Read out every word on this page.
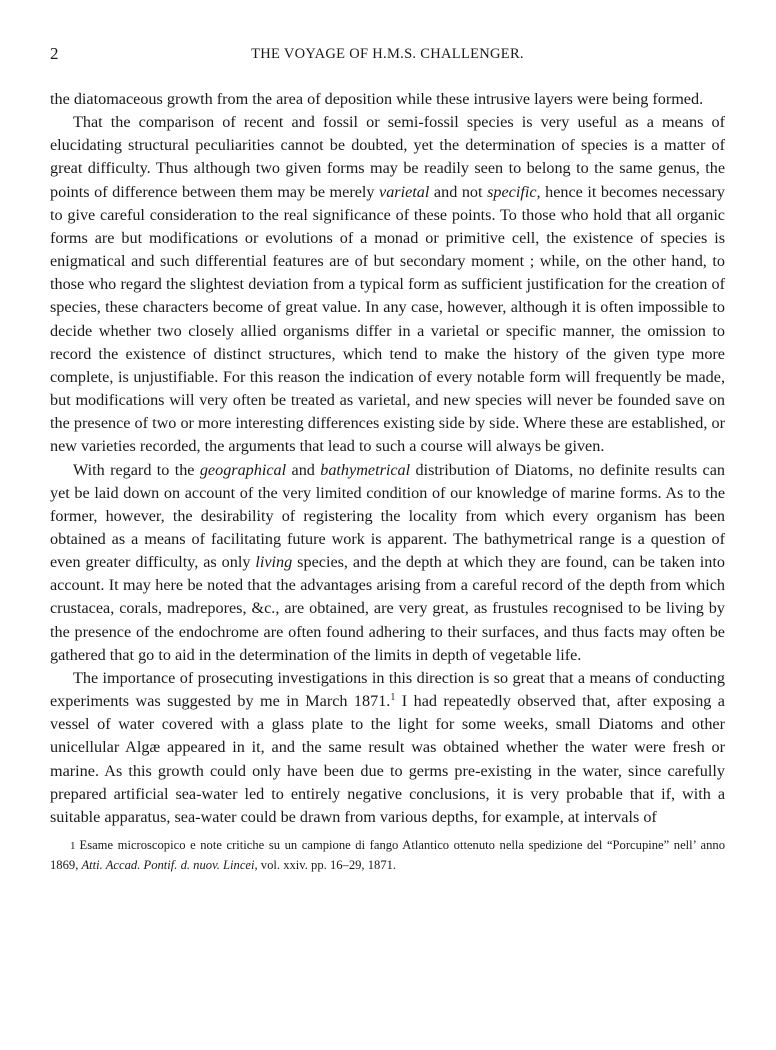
2	THE VOYAGE OF H.M.S. CHALLENGER.

the diatomaceous growth from the area of deposition while these intrusive layers were being formed.

That the comparison of recent and fossil or semi-fossil species is very useful as a means of elucidating structural peculiarities cannot be doubted, yet the determination of species is a matter of great difficulty. Thus although two given forms may be readily seen to belong to the same genus, the points of difference between them may be merely varietal and not specific, hence it becomes necessary to give careful consideration to the real significance of these points. To those who hold that all organic forms are but modifications or evolutions of a monad or primitive cell, the existence of species is enigmatical and such differential features are of but secondary moment ; while, on the other hand, to those who regard the slightest deviation from a typical form as sufficient justification for the creation of species, these characters become of great value. In any case, however, although it is often impossible to decide whether two closely allied organisms differ in a varietal or specific manner, the omission to record the existence of distinct structures, which tend to make the history of the given type more complete, is unjustifiable. For this reason the indication of every notable form will frequently be made, but modifications will very often be treated as varietal, and new species will never be founded save on the presence of two or more interesting differences existing side by side. Where these are established, or new varieties recorded, the arguments that lead to such a course will always be given.

With regard to the geographical and bathymetrical distribution of Diatoms, no definite results can yet be laid down on account of the very limited condition of our knowledge of marine forms. As to the former, however, the desirability of registering the locality from which every organism has been obtained as a means of facilitating future work is apparent. The bathymetrical range is a question of even greater difficulty, as only living species, and the depth at which they are found, can be taken into account. It may here be noted that the advantages arising from a careful record of the depth from which crustacea, corals, madrepores, &c., are obtained, are very great, as frustules recognised to be living by the presence of the endochrome are often found adhering to their surfaces, and thus facts may often be gathered that go to aid in the determination of the limits in depth of vegetable life.

The importance of prosecuting investigations in this direction is so great that a means of conducting experiments was suggested by me in March 1871.$^1$ I had repeatedly observed that, after exposing a vessel of water covered with a glass plate to the light for some weeks, small Diatoms and other unicellular Algæ appeared in it, and the same result was obtained whether the water were fresh or marine. As this growth could only have been due to germs pre-existing in the water, since carefully prepared artificial sea-water led to entirely negative conclusions, it is very probable that if, with a suitable apparatus, sea-water could be drawn from various depths, for example, at intervals of

1 Esame microscopico e note critiche su un campione di fango Atlantico ottenuto nella spedizione del “Porcupine” nell’ anno 1869, Atti. Accad. Pontif. d. nuov. Lincei, vol. xxiv. pp. 16–29, 1871.
